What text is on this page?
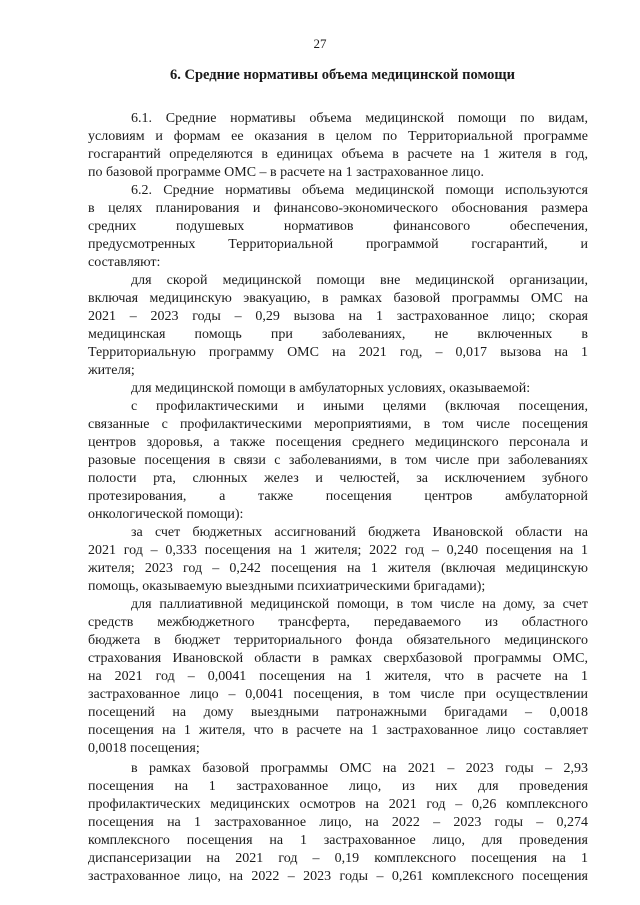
27
6. Средние нормативы объема медицинской помощи
6.1. Средние нормативы объема медицинской помощи по видам,
условиям и формам ее оказания в целом по Территориальной программе
госгарантий определяются в единицах объема в расчете на 1 жителя в год,
по базовой программе ОМС – в расчете на 1 застрахованное лицо.
6.2. Средние нормативы объема медицинской помощи используются
в целях планирования и финансово-экономического обоснования размера
средних подушевых нормативов финансового обеспечения,
предусмотренных Территориальной программой госгарантий, и
составляют:
для скорой медицинской помощи вне медицинской организации,
включая медицинскую эвакуацию, в рамках базовой программы ОМС на
2021 – 2023 годы – 0,29 вызова на 1 застрахованное лицо; скорая
медицинская помощь при заболеваниях, не включенных в
Территориальную программу ОМС на 2021 год, – 0,017 вызова на 1
жителя;
для медицинской помощи в амбулаторных условиях, оказываемой:
с профилактическими и иными целями (включая посещения,
связанные с профилактическими мероприятиями, в том числе посещения
центров здоровья, а также посещения среднего медицинского персонала и
разовые посещения в связи с заболеваниями, в том числе при заболеваниях
полости рта, слюнных желез и челюстей, за исключением зубного
протезирования, а также посещения центров амбулаторной
онкологической помощи):
за счет бюджетных ассигнований бюджета Ивановской области на
2021 год – 0,333 посещения на 1 жителя; 2022 год – 0,240 посещения на 1
жителя; 2023 год – 0,242 посещения на 1 жителя (включая медицинскую
помощь, оказываемую выездными психиатрическими бригадами);
для паллиативной медицинской помощи, в том числе на дому, за счет
средств межбюджетного трансферта, передаваемого из областного
бюджета в бюджет территориального фонда обязательного медицинского
страхования Ивановской области в рамках сверхбазовой программы ОМС,
на 2021 год – 0,0041 посещения на 1 жителя, что в расчете на 1
застрахованное лицо – 0,0041 посещения, в том числе при осуществлении
посещений на дому выездными патронажными бригадами – 0,0018
посещения на 1 жителя, что в расчете на 1 застрахованное лицо составляет
0,0018 посещения;
в рамках базовой программы ОМС на 2021 – 2023 годы – 2,93
посещения на 1 застрахованное лицо, из них для проведения
профилактических медицинских осмотров на 2021 год – 0,26 комплексного
посещения на 1 застрахованное лицо, на 2022 – 2023 годы – 0,274
комплексного посещения на 1 застрахованное лицо, для проведения
диспансеризации на 2021 год – 0,19 комплексного посещения на 1
застрахованное лицо, на 2022 – 2023 годы – 0,261 комплексного посещения
